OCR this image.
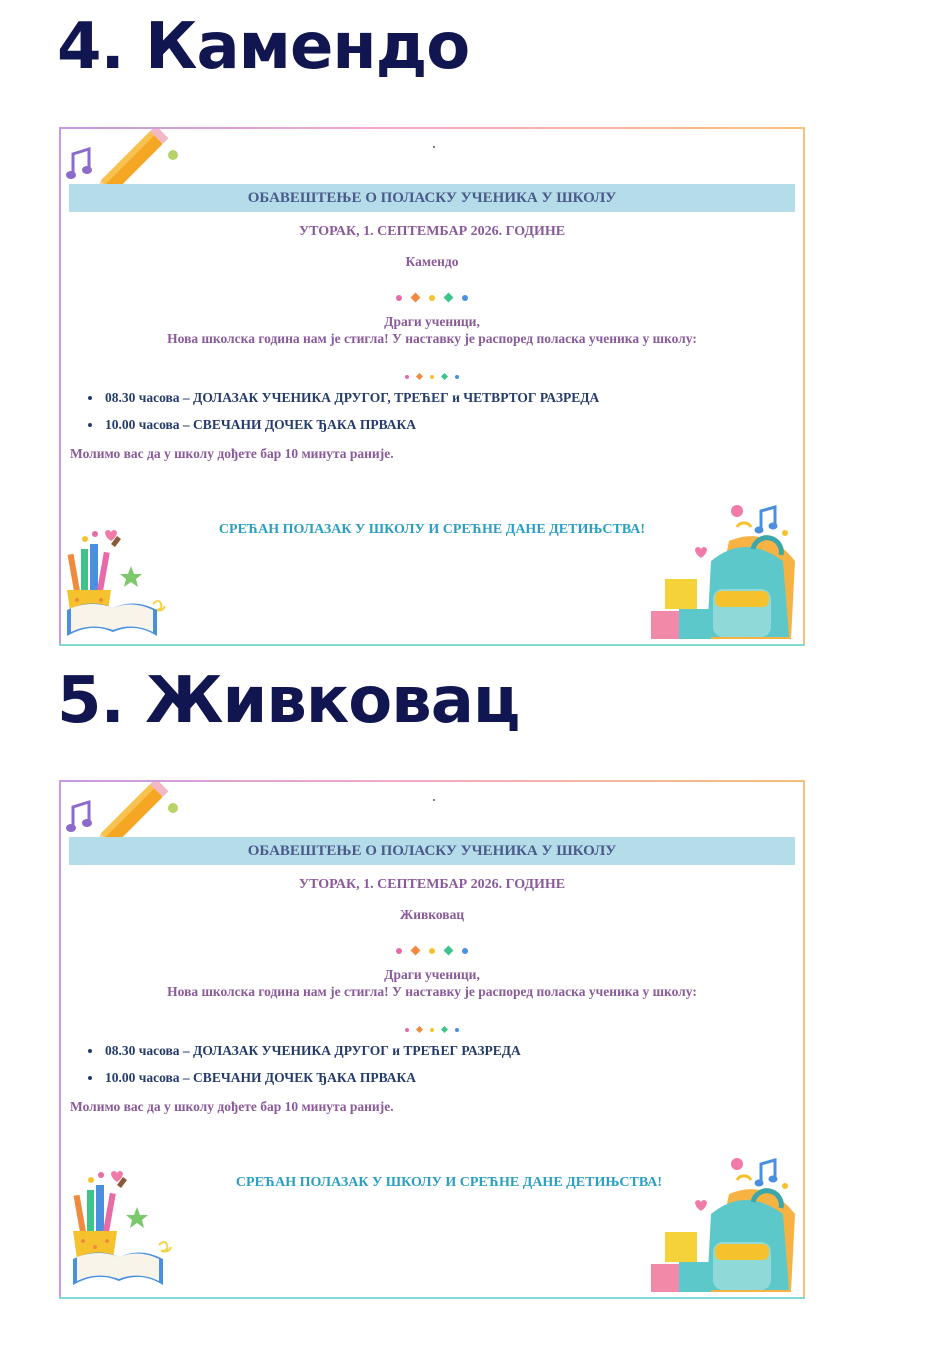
4. Камендо
ОБАВЕШТЕЊЕ О ПОЛАСКУ УЧЕНИКА У ШКОЛУ

УТОРАК, 1. СЕПТЕМБАР 2026. ГОДИНЕ

Камендо

Драги ученици,

Нова школска година нам је стигла! У наставку је распоред поласка ученика у школу:

• 08.30 часова – ДОЛАЗАК УЧЕНИКА ДРУГОГ, ТРЕЋЕГ и ЧЕТВРТОГ РАЗРЕДА
• 10.00 часова – СВЕЧАНИ ДОЧЕК ЂАКА ПРВАКА

Молимо вас да у школу дођете бар 10 минута раније.

СРЕЋАН ПОЛАЗАК У ШКОЛУ И СРЕЋНЕ ДАНЕ ДЕТИЊСТВА!

5. Живковац
ОБАВЕШТЕЊЕ О ПОЛАСКУ УЧЕНИКА У ШКОЛУ

УТОРАК, 1. СЕПТЕМБАР 2026. ГОДИНЕ

Живковац

Драги ученици,

Нова школска година нам је стигла! У наставку је распоред поласка ученика у школу:

• 08.30 часова – ДОЛАЗАК УЧЕНИКА ДРУГОГ и ТРЕЋЕГ РАЗРЕДА
• 10.00 часова – СВЕЧАНИ ДОЧЕК ЂАКА ПРВАКА

Молимо вас да у школу дођете бар 10 минута раније.

СРЕЋАН ПОЛАЗАК У ШКОЛУ И СРЕЋНЕ ДАНЕ ДЕТИЊСТВА!
